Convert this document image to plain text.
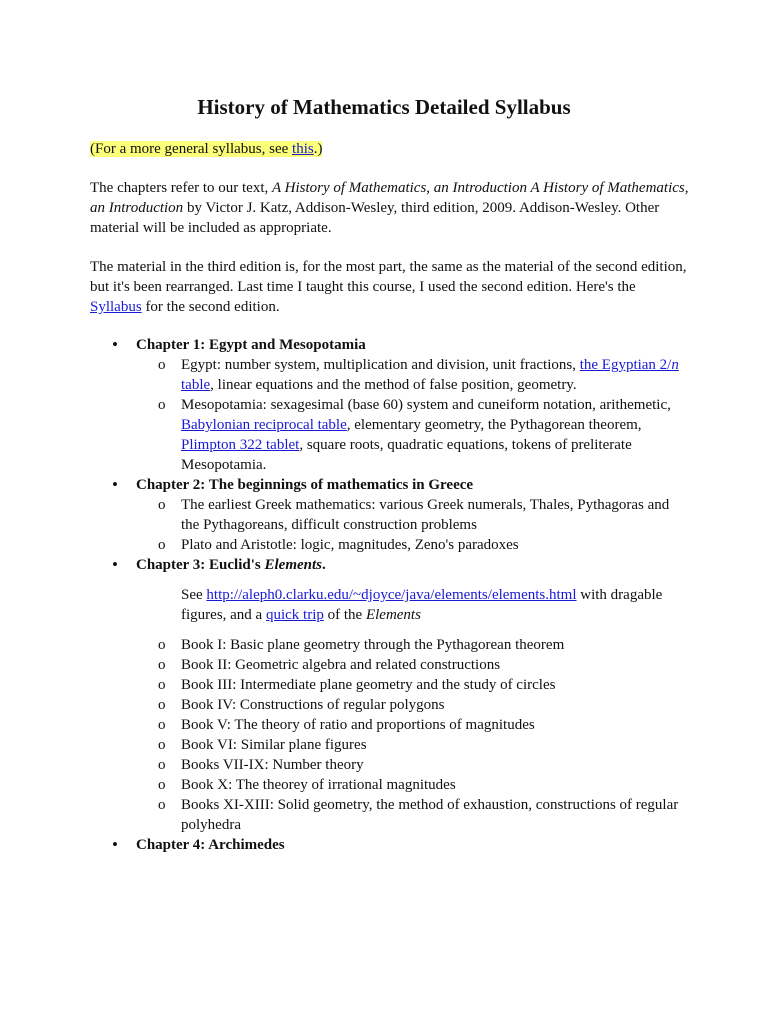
History of Mathematics Detailed Syllabus
(For a more general syllabus, see this.)
The chapters refer to our text, A History of Mathematics, an Introduction A History of Mathematics, an Introduction by Victor J. Katz, Addison-Wesley, third edition, 2009. Addison-Wesley. Other material will be included as appropriate.
The material in the third edition is, for the most part, the same as the material of the second edition, but it's been rearranged. Last time I taught this course, I used the second edition. Here's the Syllabus for the second edition.
• Chapter 1: Egypt and Mesopotamia
o Egypt: number system, multiplication and division, unit fractions, the Egyptian 2/n table, linear equations and the method of false position, geometry.
o Mesopotamia: sexagesimal (base 60) system and cuneiform notation, arithemetic, Babylonian reciprocal table, elementary geometry, the Pythagorean theorem, Plimpton 322 tablet, square roots, quadratic equations, tokens of preliterate Mesopotamia.
• Chapter 2: The beginnings of mathematics in Greece
o The earliest Greek mathematics: various Greek numerals, Thales, Pythagoras and the Pythagoreans, difficult construction problems
o Plato and Aristotle: logic, magnitudes, Zeno's paradoxes
• Chapter 3: Euclid's Elements.
See http://aleph0.clarku.edu/~djoyce/java/elements/elements.html with dragable figures, and a quick trip of the Elements
o Book I: Basic plane geometry through the Pythagorean theorem
o Book II: Geometric algebra and related constructions
o Book III: Intermediate plane geometry and the study of circles
o Book IV: Constructions of regular polygons
o Book V: The theory of ratio and proportions of magnitudes
o Book VI: Similar plane figures
o Books VII-IX: Number theory
o Book X: The theorey of irrational magnitudes
o Books XI-XIII: Solid geometry, the method of exhaustion, constructions of regular polyhedra
• Chapter 4: Archimedes
